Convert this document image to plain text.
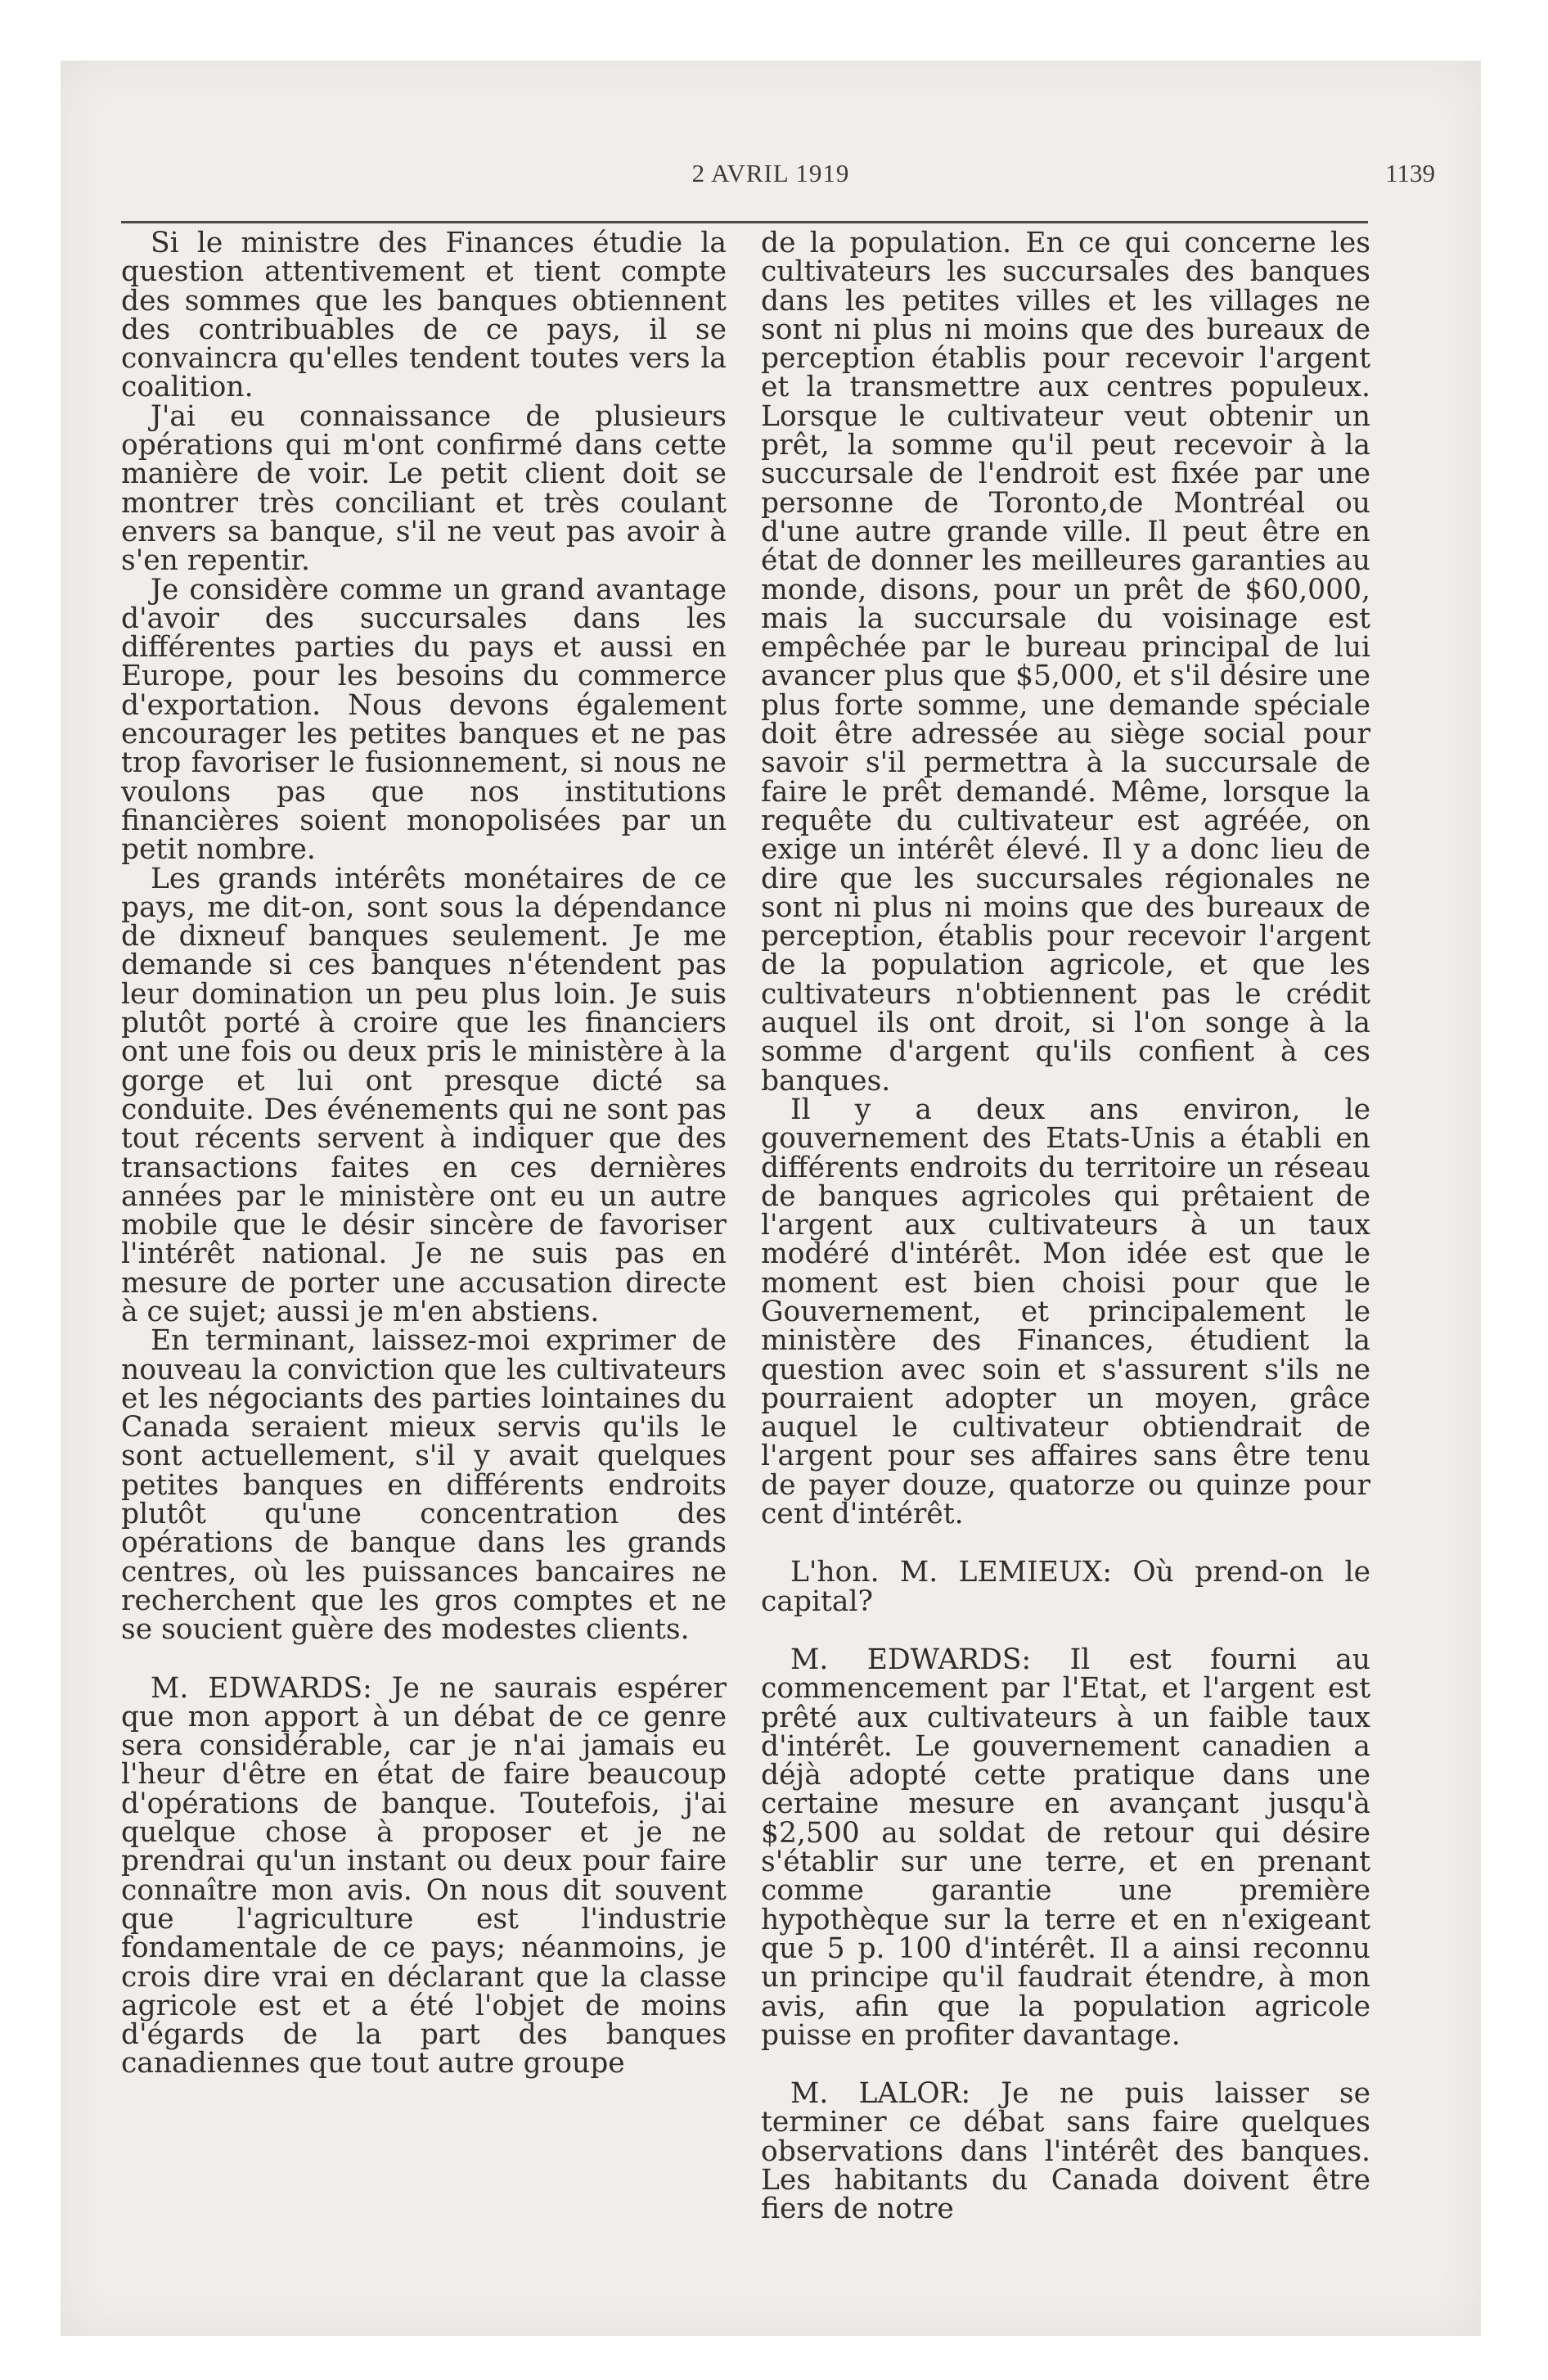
2 AVRIL 1919	1139

Si le ministre des Finances étudie la question attentivement et tient compte des sommes que les banques obtiennent des contribuables de ce pays, il se convaincra qu'elles tendent toutes vers la coalition.

J'ai eu connaissance de plusieurs opérations qui m'ont confirmé dans cette manière de voir. Le petit client doit se montrer très conciliant et très coulant envers sa banque, s'il ne veut pas avoir à s'en repentir.

Je considère comme un grand avantage d'avoir des succursales dans les différentes parties du pays et aussi en Europe, pour les besoins du commerce d'exportation. Nous devons également encourager les petites banques et ne pas trop favoriser le fusionnement, si nous ne voulons pas que nos institutions financières soient monopolisées par un petit nombre.

Les grands intérêts monétaires de ce pays, me dit-on, sont sous la dépendance de dixneuf banques seulement. Je me demande si ces banques n'étendent pas leur domination un peu plus loin. Je suis plutôt porté à croire que les financiers ont une fois ou deux pris le ministère à la gorge et lui ont presque dicté sa conduite. Des événements qui ne sont pas tout récents servent à indiquer que des transactions faites en ces dernières années par le ministère ont eu un autre mobile que le désir sincère de favoriser l'intérêt national. Je ne suis pas en mesure de porter une accusation directe à ce sujet; aussi je m'en abstiens.

En terminant, laissez-moi exprimer de nouveau la conviction que les cultivateurs et les négociants des parties lointaines du Canada seraient mieux servis qu'ils le sont actuellement, s'il y avait quelques petites banques en différents endroits plutôt qu'une concentration des opérations de banque dans les grands centres, où les puissances bancaires ne recherchent que les gros comptes et ne se soucient guère des modestes clients.

M. EDWARDS: Je ne saurais espérer que mon apport à un débat de ce genre sera considérable, car je n'ai jamais eu l'heur d'être en état de faire beaucoup d'opérations de banque. Toutefois, j'ai quelque chose à proposer et je ne prendrai qu'un instant ou deux pour faire connaître mon avis. On nous dit souvent que l'agriculture est l'industrie fondamentale de ce pays; néanmoins, je crois dire vrai en déclarant que la classe agricole est et a été l'objet de moins d'égards de la part des banques canadiennes que tout autre groupe

de la population. En ce qui concerne les cultivateurs les succursales des banques dans les petites villes et les villages ne sont ni plus ni moins que des bureaux de perception établis pour recevoir l'argent et la transmettre aux centres populeux. Lorsque le cultivateur veut obtenir un prêt, la somme qu'il peut recevoir à la succursale de l'endroit est fixée par une personne de Toronto,de Montréal ou d'une autre grande ville. Il peut être en état de donner les meilleures garanties au monde, disons, pour un prêt de $60,000, mais la succursale du voisinage est empêchée par le bureau principal de lui avancer plus que $5,000, et s'il désire une plus forte somme, une demande spéciale doit être adressée au siège social pour savoir s'il permettra à la succursale de faire le prêt demandé. Même, lorsque la requête du cultivateur est agréée, on exige un intérêt élevé. Il y a donc lieu de dire que les succursales régionales ne sont ni plus ni moins que des bureaux de perception, établis pour recevoir l'argent de la population agricole, et que les cultivateurs n'obtiennent pas le crédit auquel ils ont droit, si l'on songe à la somme d'argent qu'ils confient à ces banques.

Il y a deux ans environ, le gouvernement des Etats-Unis a établi en différents endroits du territoire un réseau de banques agricoles qui prêtaient de l'argent aux cultivateurs à un taux modéré d'intérêt. Mon idée est que le moment est bien choisi pour que le Gouvernement, et principalement le ministère des Finances, étudient la question avec soin et s'assurent s'ils ne pourraient adopter un moyen, grâce auquel le cultivateur obtiendrait de l'argent pour ses affaires sans être tenu de payer douze, quatorze ou quinze pour cent d'intérêt.

L'hon. M. LEMIEUX: Où prend-on le capital?

M. EDWARDS: Il est fourni au commencement par l'Etat, et l'argent est prêté aux cultivateurs à un faible taux d'intérêt. Le gouvernement canadien a déjà adopté cette pratique dans une certaine mesure en avançant jusqu'à $2,500 au soldat de retour qui désire s'établir sur une terre, et en prenant comme garantie une première hypothèque sur la terre et en n'exigeant que 5 p. 100 d'intérêt. Il a ainsi reconnu un principe qu'il faudrait étendre, à mon avis, afin que la population agricole puisse en profiter davantage.

M. LALOR: Je ne puis laisser se terminer ce débat sans faire quelques observations dans l'intérêt des banques. Les habitants du Canada doivent être fiers de notre
